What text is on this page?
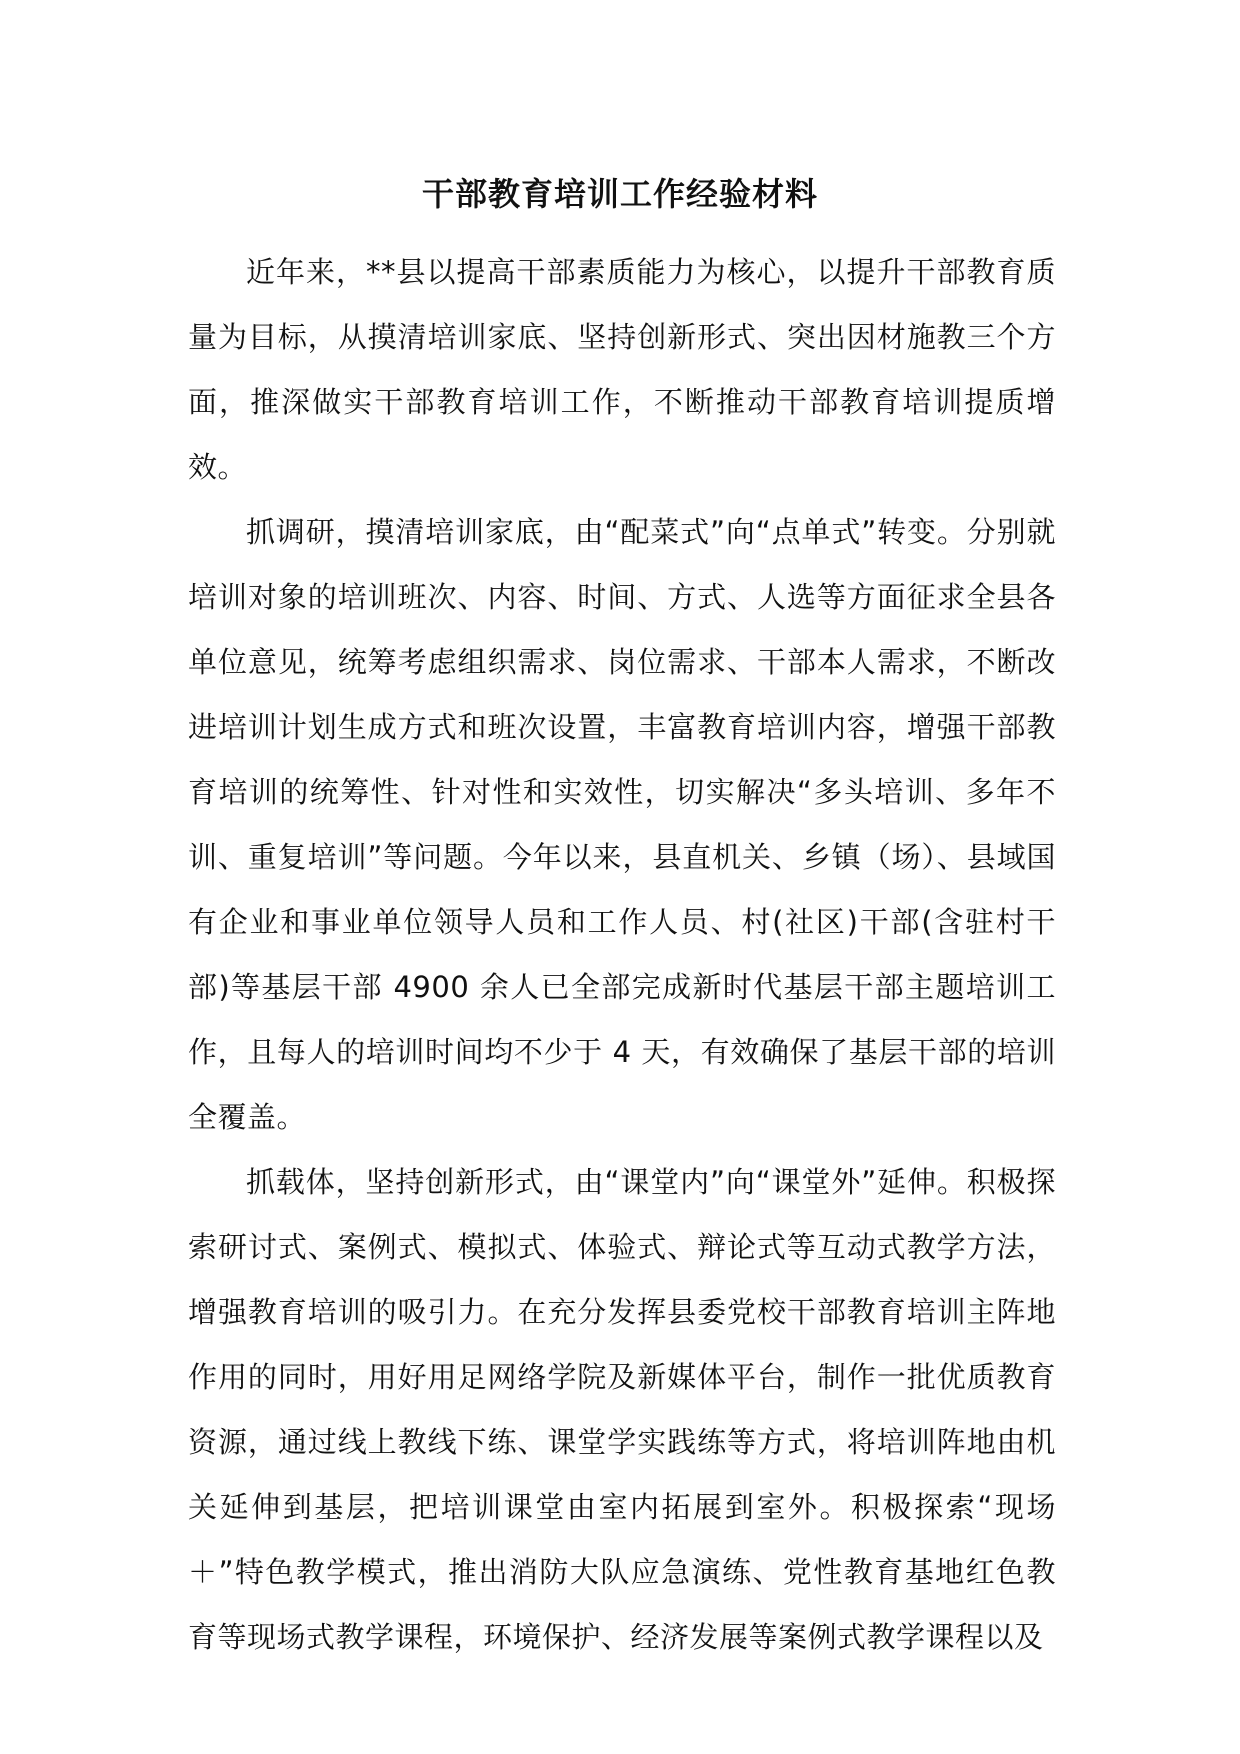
干部教育培训工作经验材料

近年来，**县以提高干部素质能力为核心，以提升干部教育质量为目标，从摸清培训家底、坚持创新形式、突出因材施教三个方面，推深做实干部教育培训工作，不断推动干部教育培训提质增效。

抓调研，摸清培训家底，由“配菜式”向“点单式”转变。分别就培训对象的培训班次、内容、时间、方式、人选等方面征求全县各单位意见，统筹考虑组织需求、岗位需求、干部本人需求，不断改进培训计划生成方式和班次设置，丰富教育培训内容，增强干部教育培训的统筹性、针对性和实效性，切实解决“多头培训、多年不训、重复培训”等问题。今年以来，县直机关、乡镇（场）、县域国有企业和事业单位领导人员和工作人员、村(社区)干部(含驻村干部)等基层干部 4900 余人已全部完成新时代基层干部主题培训工作，且每人的培训时间均不少于 4 天，有效确保了基层干部的培训全覆盖。

抓载体，坚持创新形式，由“课堂内”向“课堂外”延伸。积极探索研讨式、案例式、模拟式、体验式、辩论式等互动式教学方法，增强教育培训的吸引力。在充分发挥县委党校干部教育培训主阵地作用的同时，用好用足网络学院及新媒体平台，制作一批优质教育资源，通过线上教线下练、课堂学实践练等方式，将培训阵地由机关延伸到基层，把培训课堂由室内拓展到室外。积极探索“现场＋”特色教学模式，推出消防大队应急演练、党性教育基地红色教育等现场式教学课程，环境保护、经济发展等案例式教学课程以及
